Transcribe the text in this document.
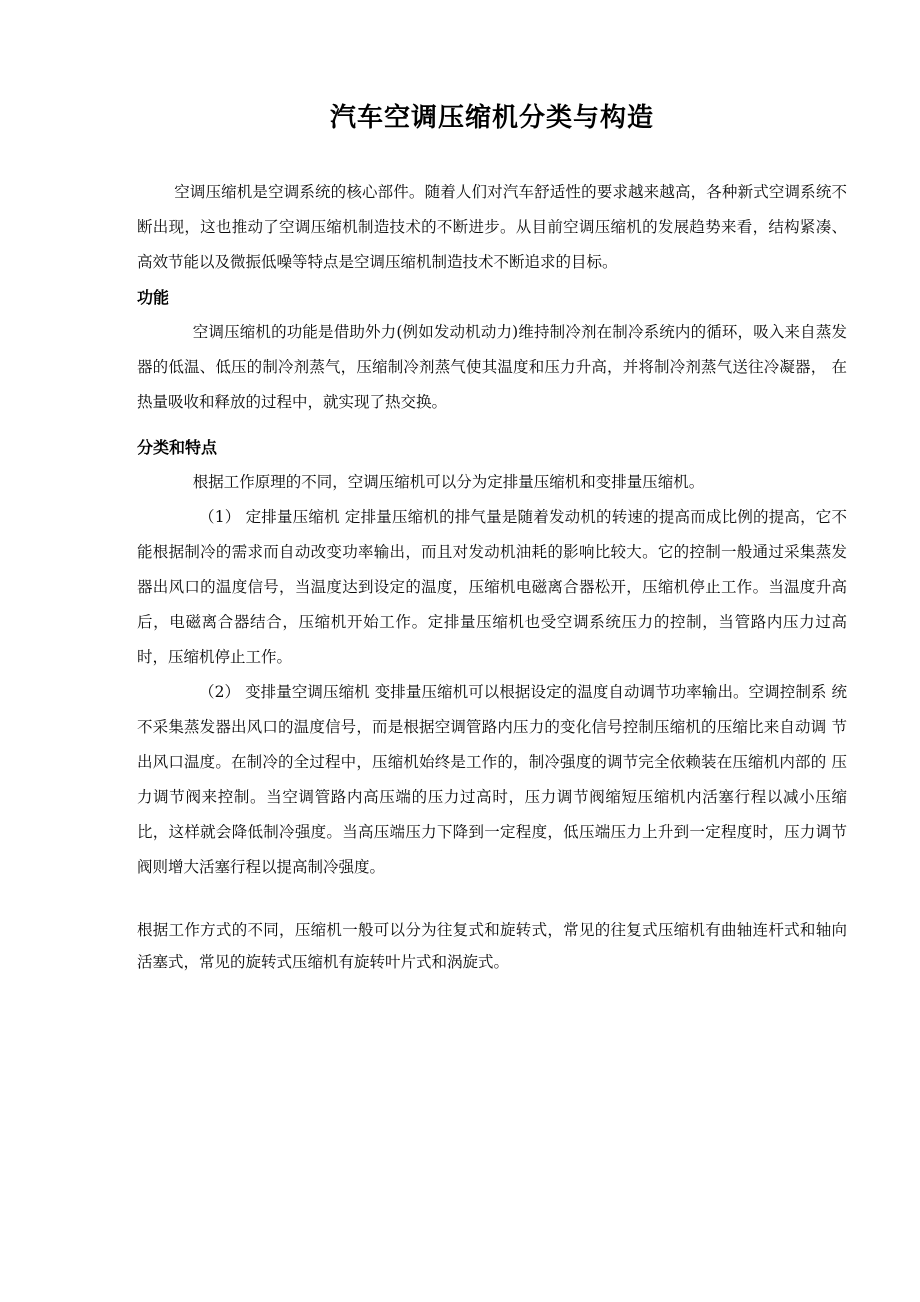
汽车空调压缩机分类与构造

空调压缩机是空调系统的核心部件。随着人们对汽车舒适性的要求越来越高，各种新式空调系统不断出现，这也推动了空调压缩机制造技术的不断进步。从目前空调压缩机的发展趋势来看，结构紧凑、高效节能以及微振低噪等特点是空调压缩机制造技术不断追求的目标。

功能

空调压缩机的功能是借助外力(例如发动机动力)维持制冷剂在制冷系统内的循环，吸入来自蒸发器的低温、低压的制冷剂蒸气，压缩制冷剂蒸气使其温度和压力升高，并将制冷剂蒸气送往冷凝器， 在热量吸收和释放的过程中，就实现了热交换。

分类和特点

根据工作原理的不同，空调压缩机可以分为定排量压缩机和变排量压缩机。

（1） 定排量压缩机 定排量压缩机的排气量是随着发动机的转速的提高而成比例的提高，它不能根据制冷的需求而自动改变功率输出，而且对发动机油耗的影响比较大。它的控制一般通过采集蒸发器出风口的温度信号，当温度达到设定的温度，压缩机电磁离合器松开，压缩机停止工作。当温度升高后，电磁离合器结合，压缩机开始工作。定排量压缩机也受空调系统压力的控制，当管路内压力过高时，压缩机停止工作。

（2） 变排量空调压缩机 变排量压缩机可以根据设定的温度自动调节功率输出。空调控制系 统不采集蒸发器出风口的温度信号，而是根据空调管路内压力的变化信号控制压缩机的压缩比来自动调 节出风口温度。在制冷的全过程中，压缩机始终是工作的，制冷强度的调节完全依赖装在压缩机内部的 压力调节阀来控制。当空调管路内高压端的压力过高时，压力调节阀缩短压缩机内活塞行程以减小压缩 比，这样就会降低制冷强度。当高压端压力下降到一定程度，低压端压力上升到一定程度时，压力调节 阀则增大活塞行程以提高制冷强度。

根据工作方式的不同，压缩机一般可以分为往复式和旋转式，常见的往复式压缩机有曲轴连杆式和轴向活塞式，常见的旋转式压缩机有旋转叶片式和涡旋式。
